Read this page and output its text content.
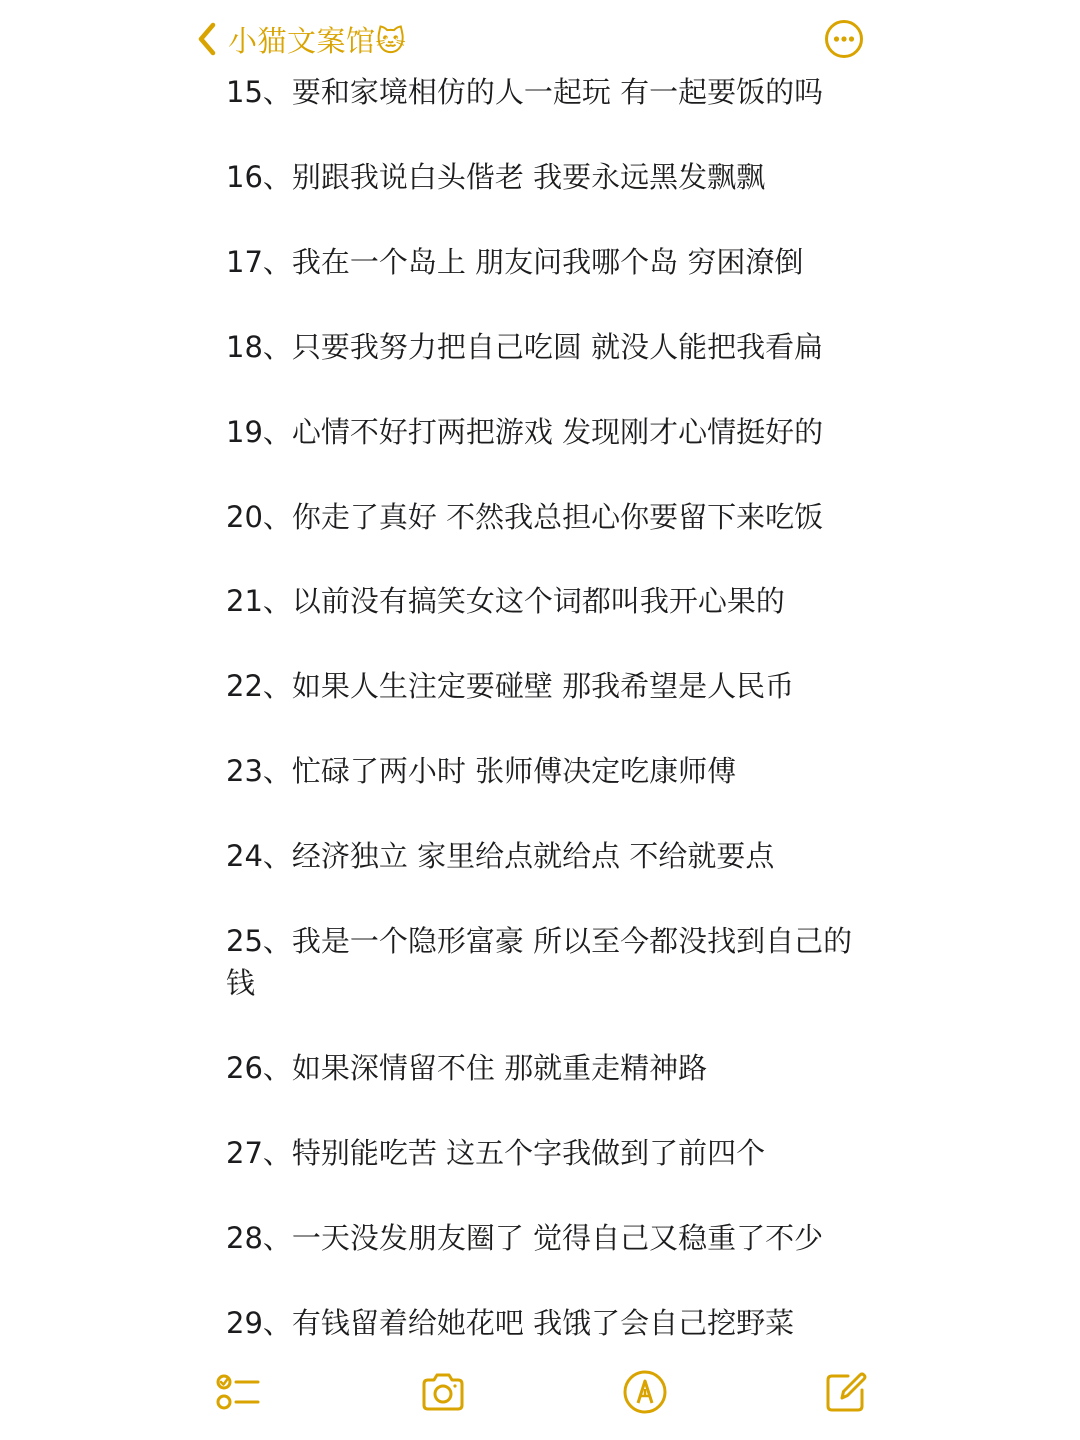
小猫文案馆🐱
15、要和家境相仿的人一起玩 有一起要饭的吗
16、别跟我说白头偕老 我要永远黑发飘飘
17、我在一个岛上 朋友问我哪个岛 穷困潦倒
18、只要我努力把自己吃圆 就没人能把我看扁
19、心情不好打两把游戏 发现刚才心情挺好的
20、你走了真好 不然我总担心你要留下来吃饭
21、以前没有搞笑女这个词都叫我开心果的
22、如果人生注定要碰壁 那我希望是人民币
23、忙碌了两小时 张师傅决定吃康师傅
24、经济独立 家里给点就给点 不给就要点
25、我是一个隐形富豪 所以至今都没找到自己的钱
26、如果深情留不住 那就重走精神路
27、特别能吃苦 这五个字我做到了前四个
28、一天没发朋友圈了 觉得自己又稳重了不少
29、有钱留着给她花吧 我饿了会自己挖野菜
